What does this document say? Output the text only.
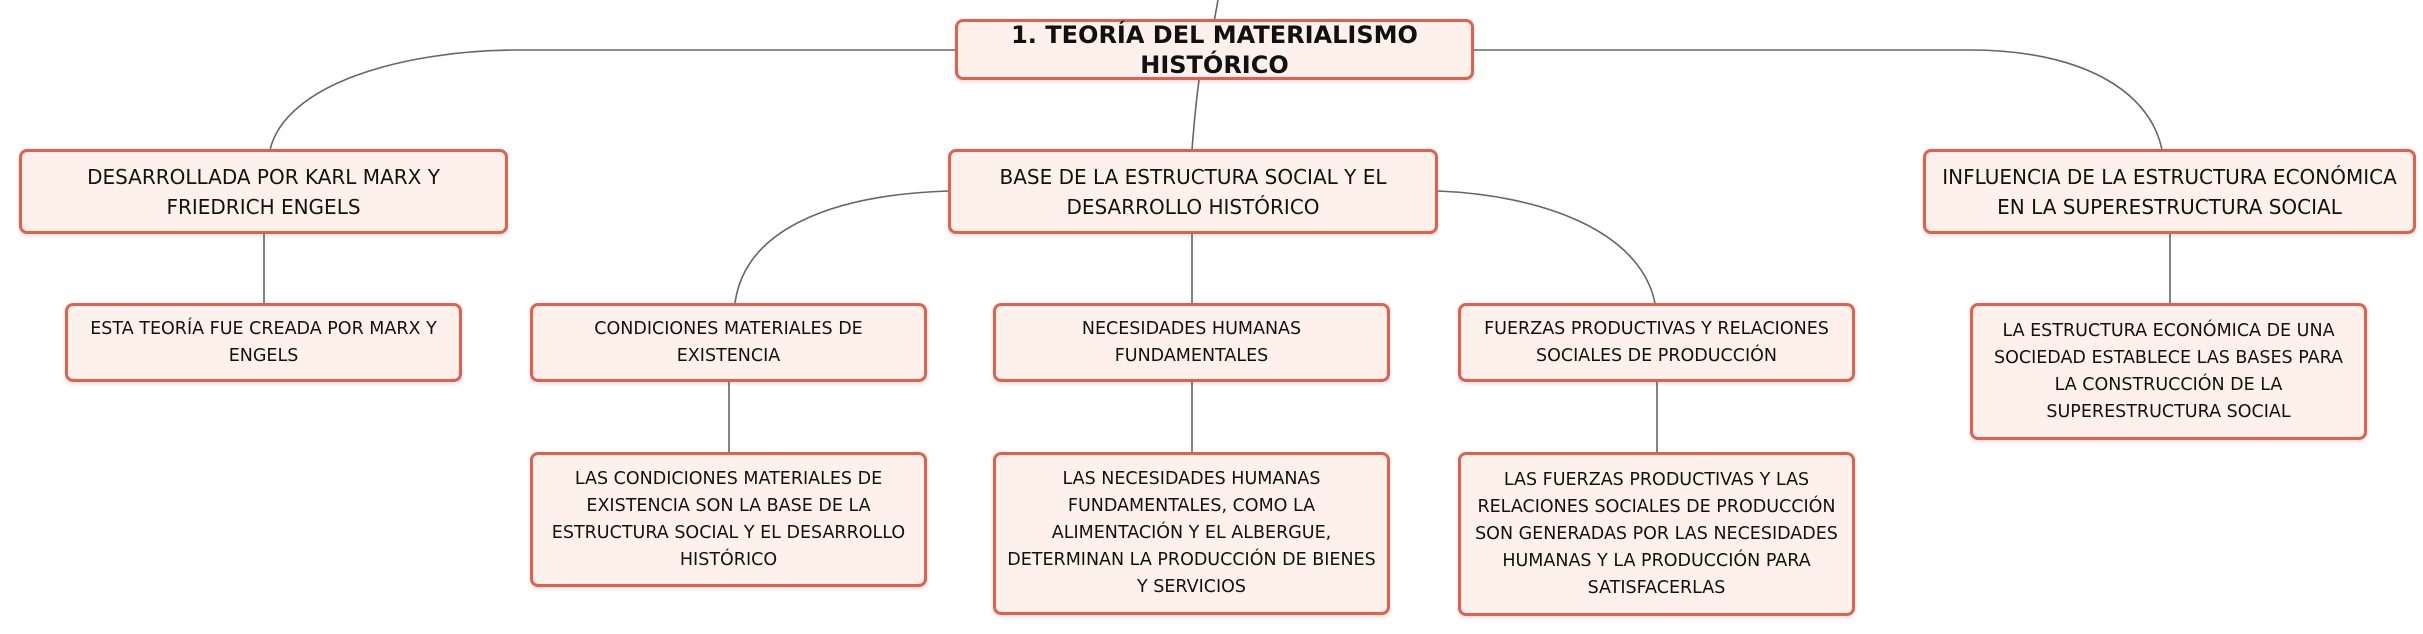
1. TEORÍA DEL MATERIALISMO HISTÓRICO
DESARROLLADA POR KARL MARX Y FRIEDRICH ENGELS
BASE DE LA ESTRUCTURA SOCIAL Y EL DESARROLLO HISTÓRICO
INFLUENCIA DE LA ESTRUCTURA ECONÓMICA EN LA SUPERESTRUCTURA SOCIAL
ESTA TEORÍA FUE CREADA POR MARX Y ENGELS
CONDICIONES MATERIALES DE EXISTENCIA
NECESIDADES HUMANAS FUNDAMENTALES
FUERZAS PRODUCTIVAS Y RELACIONES SOCIALES DE PRODUCCIÓN
LA ESTRUCTURA ECONÓMICA DE UNA SOCIEDAD ESTABLECE LAS BASES PARA LA CONSTRUCCIÓN DE LA SUPERESTRUCTURA SOCIAL
LAS CONDICIONES MATERIALES DE EXISTENCIA SON LA BASE DE LA ESTRUCTURA SOCIAL Y EL DESARROLLO HISTÓRICO
LAS NECESIDADES HUMANAS FUNDAMENTALES, COMO LA ALIMENTACIÓN Y EL ALBERGUE, DETERMINAN LA PRODUCCIÓN DE BIENES Y SERVICIOS
LAS FUERZAS PRODUCTIVAS Y LAS RELACIONES SOCIALES DE PRODUCCIÓN SON GENERADAS POR LAS NECESIDADES HUMANAS Y LA PRODUCCIÓN PARA SATISFACERLAS
